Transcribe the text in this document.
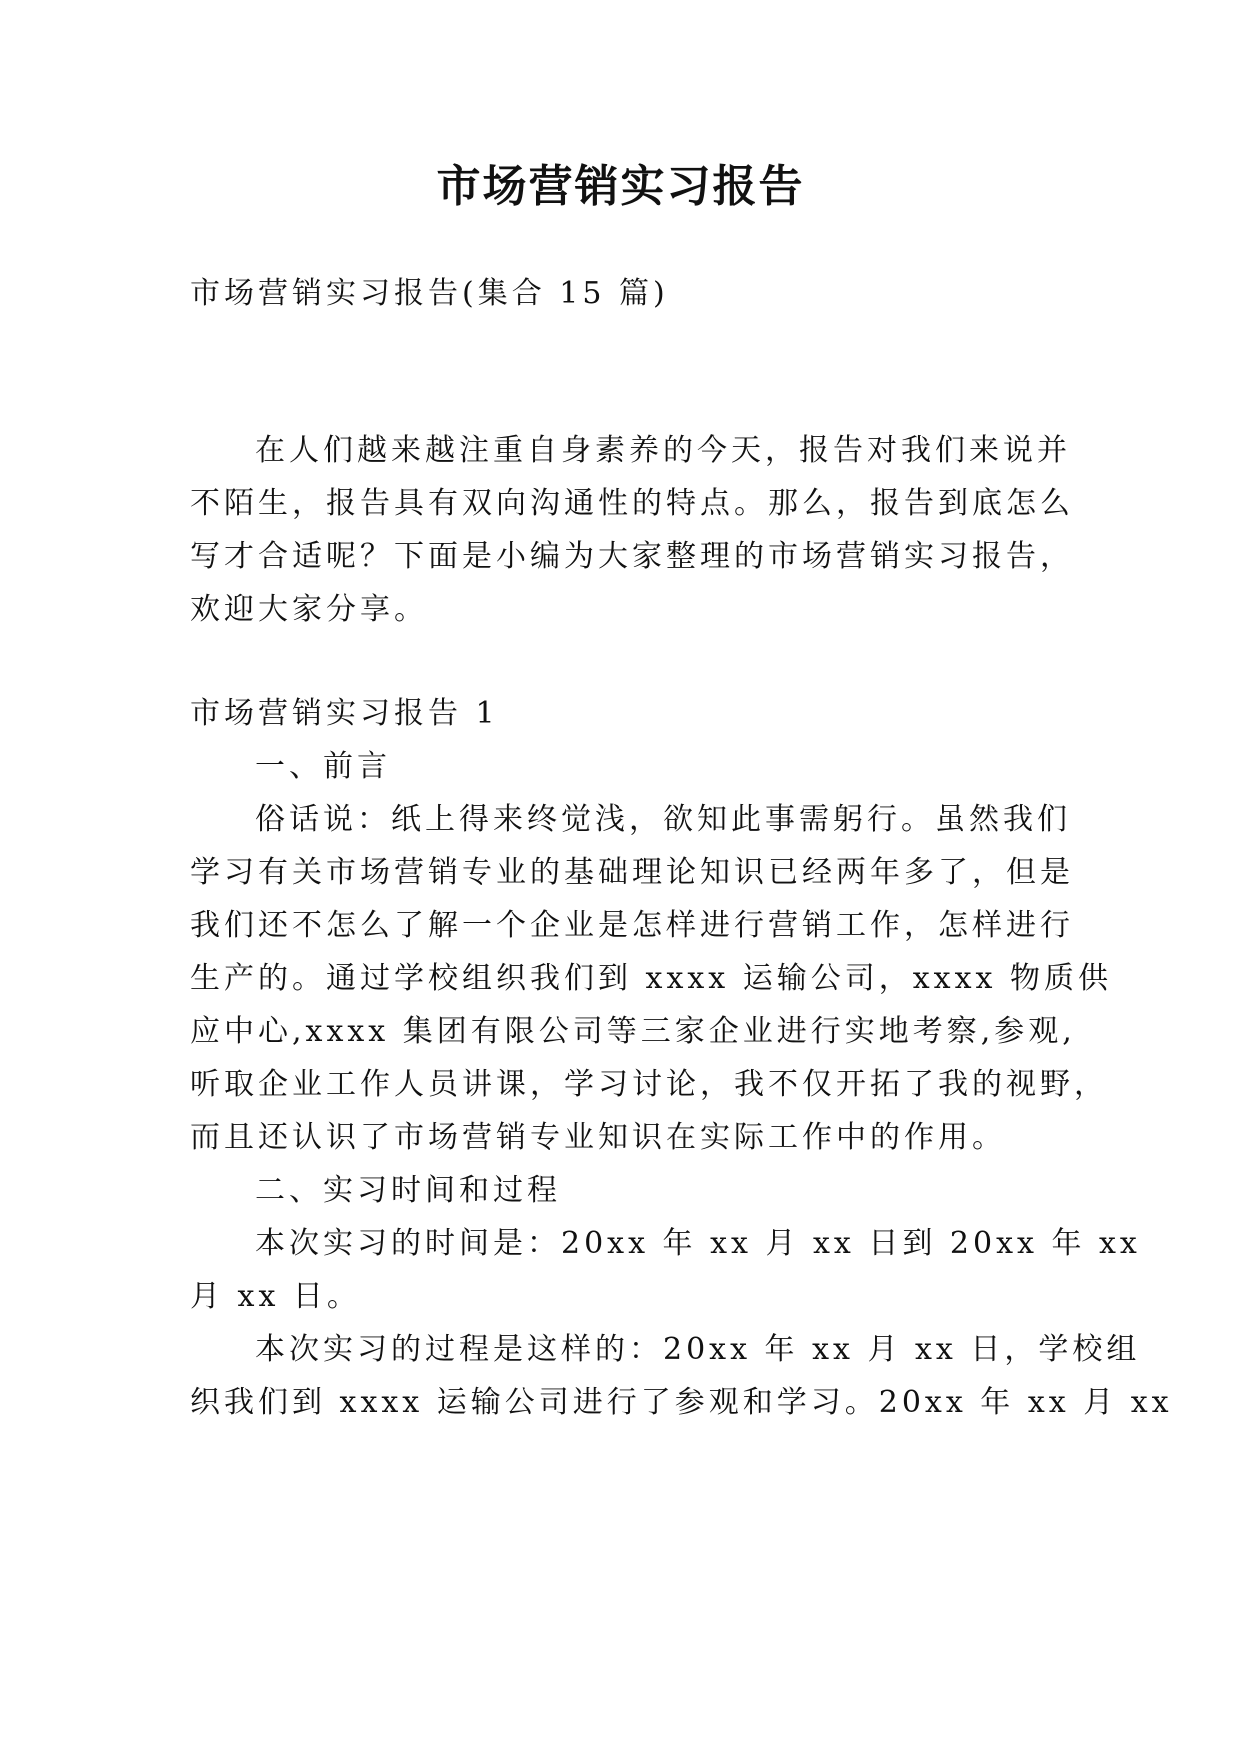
市场营销实习报告
市场营销实习报告(集合 15 篇)
在人们越来越注重自身素养的今天，报告对我们来说并
不陌生，报告具有双向沟通性的特点。那么，报告到底怎么
写才合适呢？下面是小编为大家整理的市场营销实习报告，
欢迎大家分享。
市场营销实习报告 1
一、前言
俗话说：纸上得来终觉浅，欲知此事需躬行。虽然我们
学习有关市场营销专业的基础理论知识已经两年多了，但是
我们还不怎么了解一个企业是怎样进行营销工作，怎样进行
生产的。通过学校组织我们到 xxxx 运输公司，xxxx 物质供
应中心,xxxx 集团有限公司等三家企业进行实地考察,参观,
听取企业工作人员讲课，学习讨论，我不仅开拓了我的视野，
而且还认识了市场营销专业知识在实际工作中的作用。
二、实习时间和过程
本次实习的时间是：20xx 年 xx 月 xx 日到 20xx 年 xx
月 xx 日。
本次实习的过程是这样的：20xx 年 xx 月 xx 日，学校组
织我们到 xxxx 运输公司进行了参观和学习。20xx 年 xx 月 xx
